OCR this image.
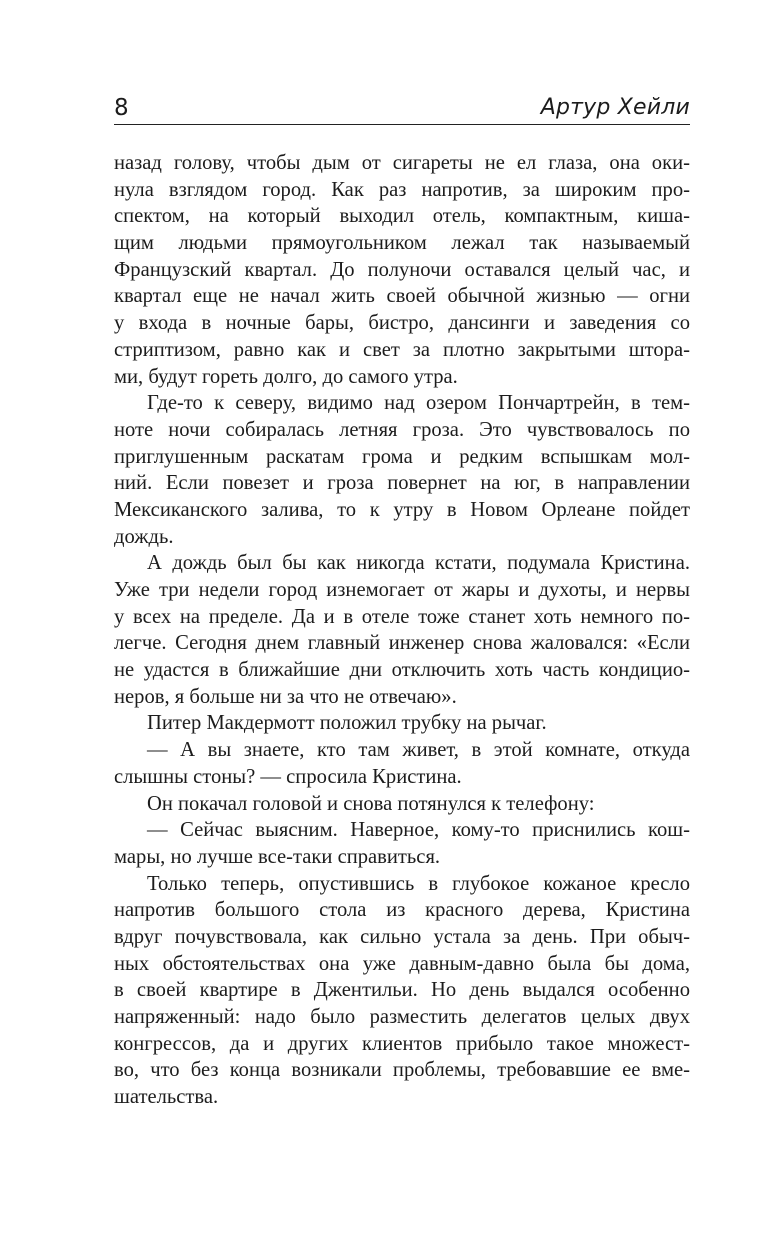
8	Артур Хейли
назад голову, чтобы дым от сигареты не ел глаза, она оки-
нула взглядом город. Как раз напротив, за широким про-
спектом, на который выходил отель, компактным, киша-
щим людьми прямоугольником лежал так называемый
Французский квартал. До полуночи оставался целый час, и
квартал еще не начал жить своей обычной жизнью — огни
у входа в ночные бары, бистро, дансинги и заведения со
стриптизом, равно как и свет за плотно закрытыми штора-
ми, будут гореть долго, до самого утра.
Где-то к северу, видимо над озером Пончартрейн, в тем-
ноте ночи собиралась летняя гроза. Это чувствовалось по
приглушенным раскатам грома и редким вспышкам мол-
ний. Если повезет и гроза повернет на юг, в направлении
Мексиканского залива, то к утру в Новом Орлеане пойдет
дождь.
А дождь был бы как никогда кстати, подумала Кристина.
Уже три недели город изнемогает от жары и духоты, и нервы
у всех на пределе. Да и в отеле тоже станет хоть немного по-
легче. Сегодня днем главный инженер снова жаловался: «Если
не удастся в ближайшие дни отключить хоть часть кондицио-
неров, я больше ни за что не отвечаю».
Питер Макдермотт положил трубку на рычаг.
— А вы знаете, кто там живет, в этой комнате, откуда
слышны стоны? — спросила Кристина.
Он покачал головой и снова потянулся к телефону:
— Сейчас выясним. Наверное, кому-то приснились кош-
мары, но лучше все-таки справиться.
Только теперь, опустившись в глубокое кожаное кресло
напротив большого стола из красного дерева, Кристина
вдруг почувствовала, как сильно устала за день. При обыч-
ных обстоятельствах она уже давным-давно была бы дома,
в своей квартире в Джентильи. Но день выдался особенно
напряженный: надо было разместить делегатов целых двух
конгрессов, да и других клиентов прибыло такое множест-
во, что без конца возникали проблемы, требовавшие ее вме-
шательства.
